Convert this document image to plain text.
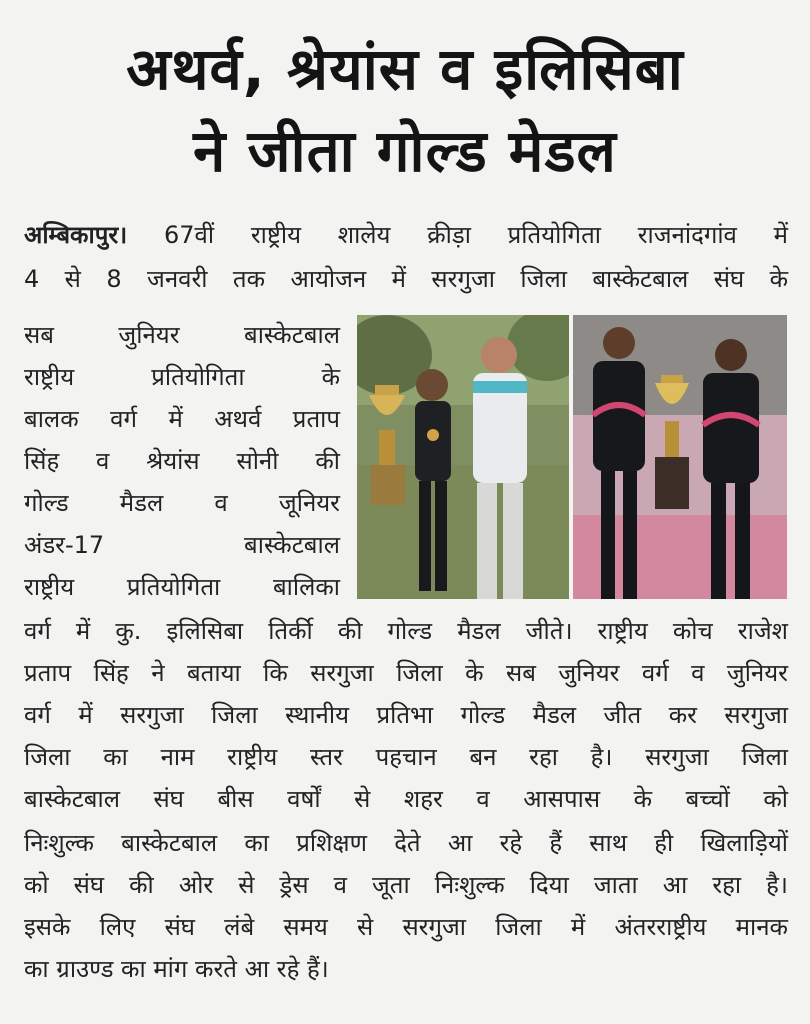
अथर्व, श्रेयांस व इलिसिबा
ने जीता गोल्ड मेडल
अम्बिकापुर। 67वीं राष्ट्रीय शालेय क्रीड़ा प्रतियोगिता राजनांदगांव में
4 से 8 जनवरी तक आयोजन में सरगुजा जिला बास्केटबाल संघ के
सब जुनियर बास्केटबाल
राष्ट्रीय प्रतियोगिता के
बालक वर्ग में अथर्व प्रताप
सिंह व श्रेयांस सोनी की
गोल्ड मैडल व जूनियर
अंडर-17 बास्केटबाल
राष्ट्रीय प्रतियोगिता बालिका
वर्ग में कु. इलिसिबा तिर्की की गोल्ड मैडल जीते। राष्ट्रीय कोच राजेश
प्रताप सिंह ने बताया कि सरगुजा जिला के सब जुनियर वर्ग व जुनियर
वर्ग में सरगुजा जिला स्थानीय प्रतिभा गोल्ड मैडल जीत कर सरगुजा
जिला का नाम राष्ट्रीय स्तर पहचान बन रहा है। सरगुजा जिला
बास्केटबाल संघ बीस वर्षों से शहर व आसपास के बच्चों को
निःशुल्क बास्केटबाल का प्रशिक्षण देते आ रहे हैं साथ ही खिलाड़ियों
को संघ की ओर से ड्रेस व जूता निःशुल्क दिया जाता आ रहा है।
इसके लिए संघ लंबे समय से सरगुजा जिला में अंतरराष्ट्रीय मानक
का ग्राउण्ड का मांग करते आ रहे हैं।
